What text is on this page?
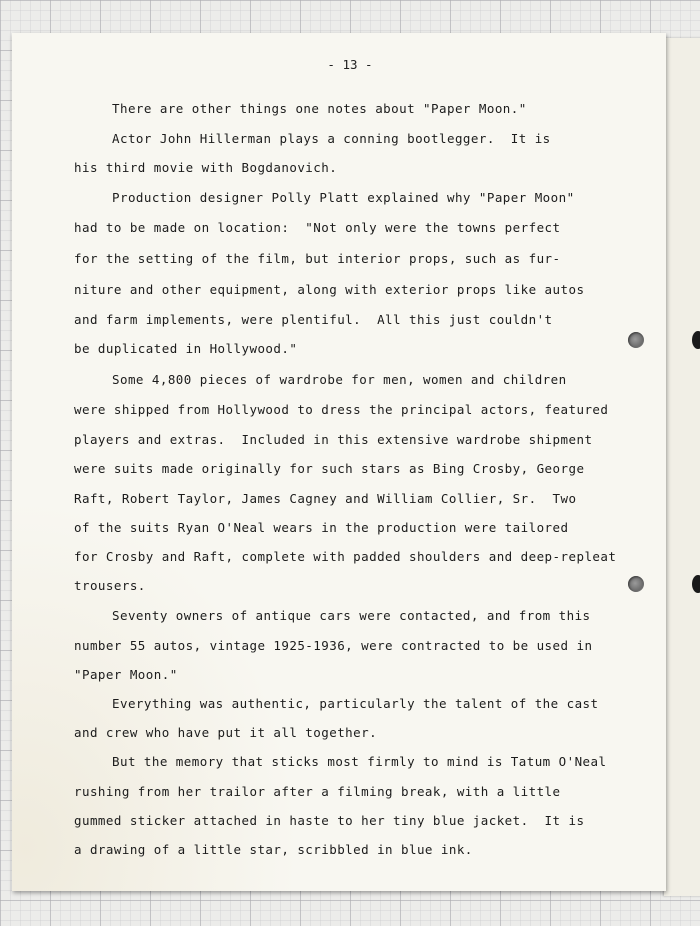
- 13 -
There are other things one notes about "Paper Moon."
Actor John Hillerman plays a conning bootlegger.  It is
his third movie with Bogdanovich.
Production designer Polly Platt explained why "Paper Moon"
had to be made on location:  "Not only were the towns perfect
for the setting of the film, but interior props, such as fur-
niture and other equipment, along with exterior props like autos
and farm implements, were plentiful.  All this just couldn't
be duplicated in Hollywood."
Some 4,800 pieces of wardrobe for men, women and children
were shipped from Hollywood to dress the principal actors, featured
players and extras.  Included in this extensive wardrobe shipment
were suits made originally for such stars as Bing Crosby, George
Raft, Robert Taylor, James Cagney and William Collier, Sr.  Two
of the suits Ryan O'Neal wears in the production were tailored
for Crosby and Raft, complete with padded shoulders and deep-repleat
trousers.
Seventy owners of antique cars were contacted, and from this
number 55 autos, vintage 1925-1936, were contracted to be used in
"Paper Moon."
Everything was authentic, particularly the talent of the cast
and crew who have put it all together.
But the memory that sticks most firmly to mind is Tatum O'Neal
rushing from her trailor after a filming break, with a little
gummed sticker attached in haste to her tiny blue jacket.  It is
a drawing of a little star, scribbled in blue ink.
